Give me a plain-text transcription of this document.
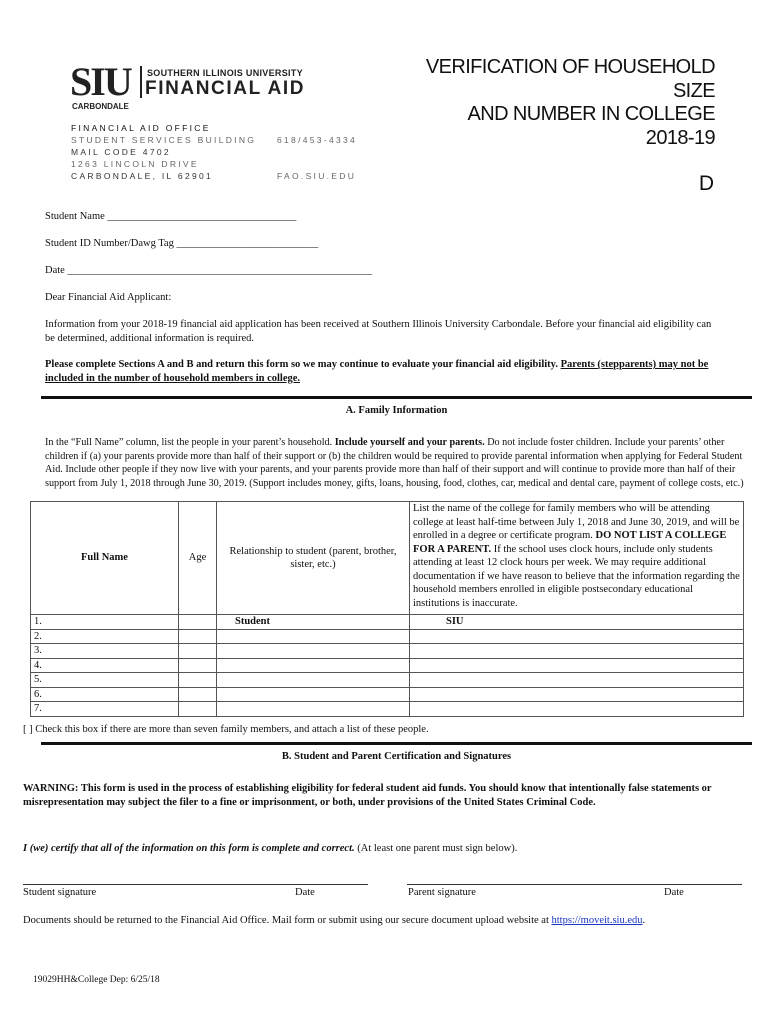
SIU SOUTHERN ILLINOIS UNIVERSITY
FINANCIAL AID
CARBONDALE
FINANCIAL AID OFFICE
STUDENT SERVICES BUILDING
MAIL CODE 4702
1263 LINCOLN DRIVE
CARBONDALE, IL 62901
618/453-4334
FAO.SIU.EDU
VERIFICATION OF HOUSEHOLD
SIZE
AND NUMBER IN COLLEGE
2018-19
D
Student Name ____________________________________
Student ID Number/Dawg Tag ___________________________
Date __________________________________________________________
Dear Financial Aid Applicant:
Information from your 2018-19 financial aid application has been received at Southern Illinois University Carbondale. Before your financial aid eligibility can be determined, additional information is required.
Please complete Sections A and B and return this form so we may continue to evaluate your financial aid eligibility. Parents (stepparents) may not be included in the number of household members in college.
A. Family Information
In the “Full Name” column, list the people in your parent’s household. Include yourself and your parents. Do not include foster children. Include your parents’ other children if (a) your parents provide more than half of their support or (b) the children would be required to provide parental information when applying for Federal Student Aid. Include other people if they now live with your parents, and your parents provide more than half of their support and will continue to provide more than half of their support from July 1, 2018 through June 30, 2019. (Support includes money, gifts, loans, housing, food, clothes, car, medical and dental care, payment of college costs, etc.)
Full Name	Age	Relationship to student (parent, brother, sister, etc.)	List the name of the college for family members who will be attending college at least half-time between July 1, 2018 and June 30, 2019, and will be enrolled in a degree or certificate program. DO NOT LIST A COLLEGE FOR A PARENT. If the school uses clock hours, include only students attending at least 12 clock hours per week. We may require additional documentation if we have reason to believe that the information regarding the household members enrolled in eligible postsecondary educational institutions is inaccurate.
1.		Student	SIU
2.			
3.			
4.			
5.			
6.			
7.			
[ ] Check this box if there are more than seven family members, and attach a list of these people.
B. Student and Parent Certification and Signatures
WARNING: This form is used in the process of establishing eligibility for federal student aid funds. You should know that intentionally false statements or misrepresentation may subject the filer to a fine or imprisonment, or both, under provisions of the United States Criminal Code.
I (we) certify that all of the information on this form is complete and correct. (At least one parent must sign below).
Student signature	Date	Parent signature	Date
Documents should be returned to the Financial Aid Office. Mail form or submit using our secure document upload website at https://moveit.siu.edu.
19029HH&College Dep: 6/25/18
